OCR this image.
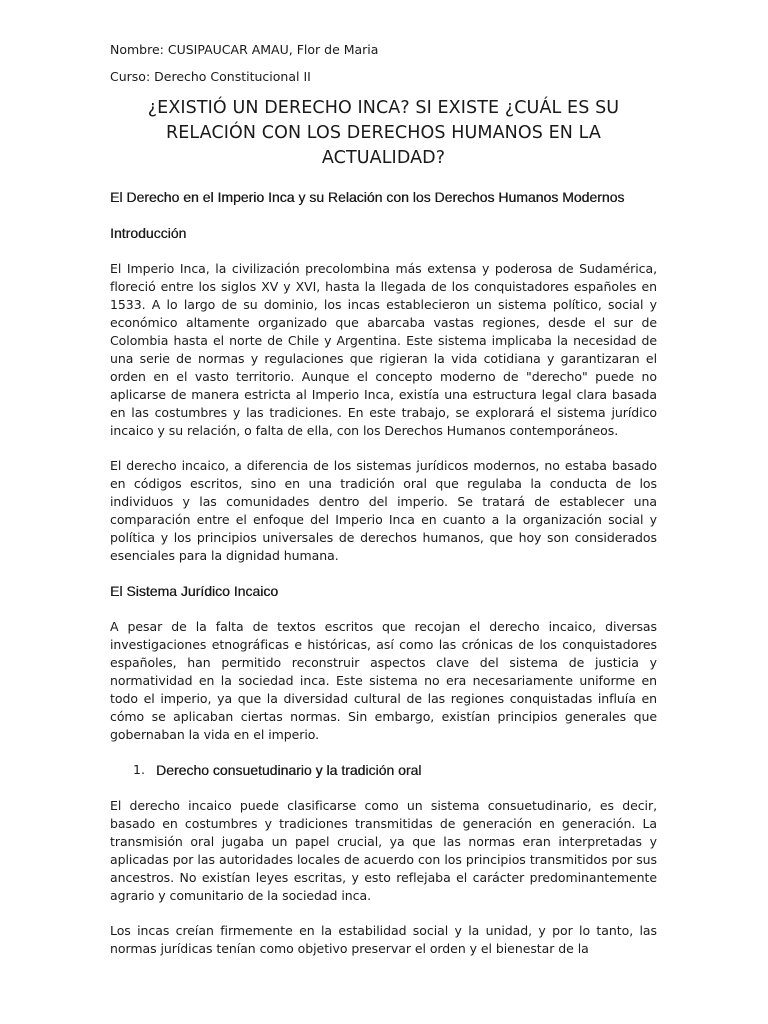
Nombre: CUSIPAUCAR AMAU, Flor de Maria

Curso: Derecho Constitucional II

¿EXISTIÓ UN DERECHO INCA? SI EXISTE ¿CUÁL ES SU RELACIÓN CON LOS DERECHOS HUMANOS EN LA ACTUALIDAD?
El Derecho en el Imperio Inca y su Relación con los Derechos Humanos Modernos
Introducción

El Imperio Inca, la civilización precolombina más extensa y poderosa de Sudamérica, floreció entre los siglos XV y XVI, hasta la llegada de los conquistadores españoles en 1533. A lo largo de su dominio, los incas establecieron un sistema político, social y económico altamente organizado que abarcaba vastas regiones, desde el sur de Colombia hasta el norte de Chile y Argentina. Este sistema implicaba la necesidad de una serie de normas y regulaciones que rigieran la vida cotidiana y garantizaran el orden en el vasto territorio. Aunque el concepto moderno de "derecho" puede no aplicarse de manera estricta al Imperio Inca, existía una estructura legal clara basada en las costumbres y las tradiciones. En este trabajo, se explorará el sistema jurídico incaico y su relación, o falta de ella, con los Derechos Humanos contemporáneos.

El derecho incaico, a diferencia de los sistemas jurídicos modernos, no estaba basado en códigos escritos, sino en una tradición oral que regulaba la conducta de los individuos y las comunidades dentro del imperio. Se tratará de establecer una comparación entre el enfoque del Imperio Inca en cuanto a la organización social y política y los principios universales de derechos humanos, que hoy son considerados esenciales para la dignidad humana.

El Sistema Jurídico Incaico

A pesar de la falta de textos escritos que recojan el derecho incaico, diversas investigaciones etnográficas e históricas, así como las crónicas de los conquistadores españoles, han permitido reconstruir aspectos clave del sistema de justicia y normatividad en la sociedad inca. Este sistema no era necesariamente uniforme en todo el imperio, ya que la diversidad cultural de las regiones conquistadas influía en cómo se aplicaban ciertas normas. Sin embargo, existían principios generales que gobernaban la vida en el imperio.

1. Derecho consuetudinario y la tradición oral

El derecho incaico puede clasificarse como un sistema consuetudinario, es decir, basado en costumbres y tradiciones transmitidas de generación en generación. La transmisión oral jugaba un papel crucial, ya que las normas eran interpretadas y aplicadas por las autoridades locales de acuerdo con los principios transmitidos por sus ancestros. No existían leyes escritas, y esto reflejaba el carácter predominantemente agrario y comunitario de la sociedad inca.

Los incas creían firmemente en la estabilidad social y la unidad, y por lo tanto, las normas jurídicas tenían como objetivo preservar el orden y el bienestar de la
